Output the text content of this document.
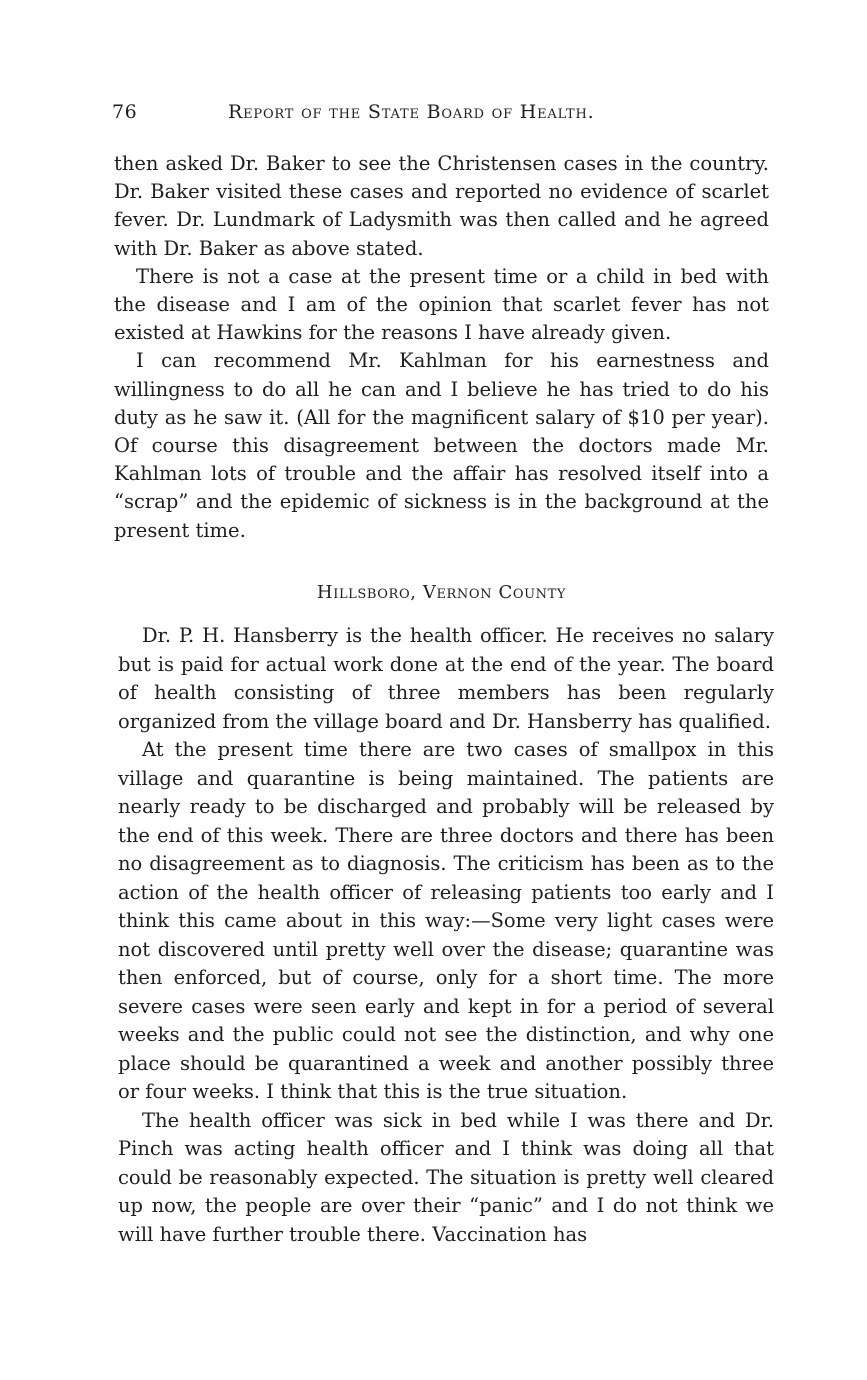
76	Report of the State Board of Health.

then asked Dr. Baker to see the Christensen cases in the country. Dr. Baker visited these cases and reported no evidence of scarlet fever. Dr. Lundmark of Ladysmith was then called and he agreed with Dr. Baker as above stated.

There is not a case at the present time or a child in bed with the disease and I am of the opinion that scarlet fever has not existed at Hawkins for the reasons I have already given.

I can recommend Mr. Kahlman for his earnestness and willingness to do all he can and I believe he has tried to do his duty as he saw it. (All for the magnificent salary of $10 per year). Of course this disagreement between the doctors made Mr. Kahlman lots of trouble and the affair has resolved itself into a “scrap” and the epidemic of sickness is in the background at the present time.

Hillsboro, Vernon County

Dr. P. H. Hansberry is the health officer. He receives no salary but is paid for actual work done at the end of the year. The board of health consisting of three members has been regularly organized from the village board and Dr. Hansberry has qualified.

At the present time there are two cases of smallpox in this village and quarantine is being maintained. The patients are nearly ready to be discharged and probably will be released by the end of this week. There are three doctors and there has been no disagreement as to diagnosis. The criticism has been as to the action of the health officer of releasing patients too early and I think this came about in this way:—Some very light cases were not discovered until pretty well over the disease; quarantine was then enforced, but of course, only for a short time. The more severe cases were seen early and kept in for a period of several weeks and the public could not see the distinction, and why one place should be quarantined a week and another possibly three or four weeks. I think that this is the true situation.

The health officer was sick in bed while I was there and Dr. Pinch was acting health officer and I think was doing all that could be reasonably expected. The situation is pretty well cleared up now, the people are over their “panic” and I do not think we will have further trouble there. Vaccination has
